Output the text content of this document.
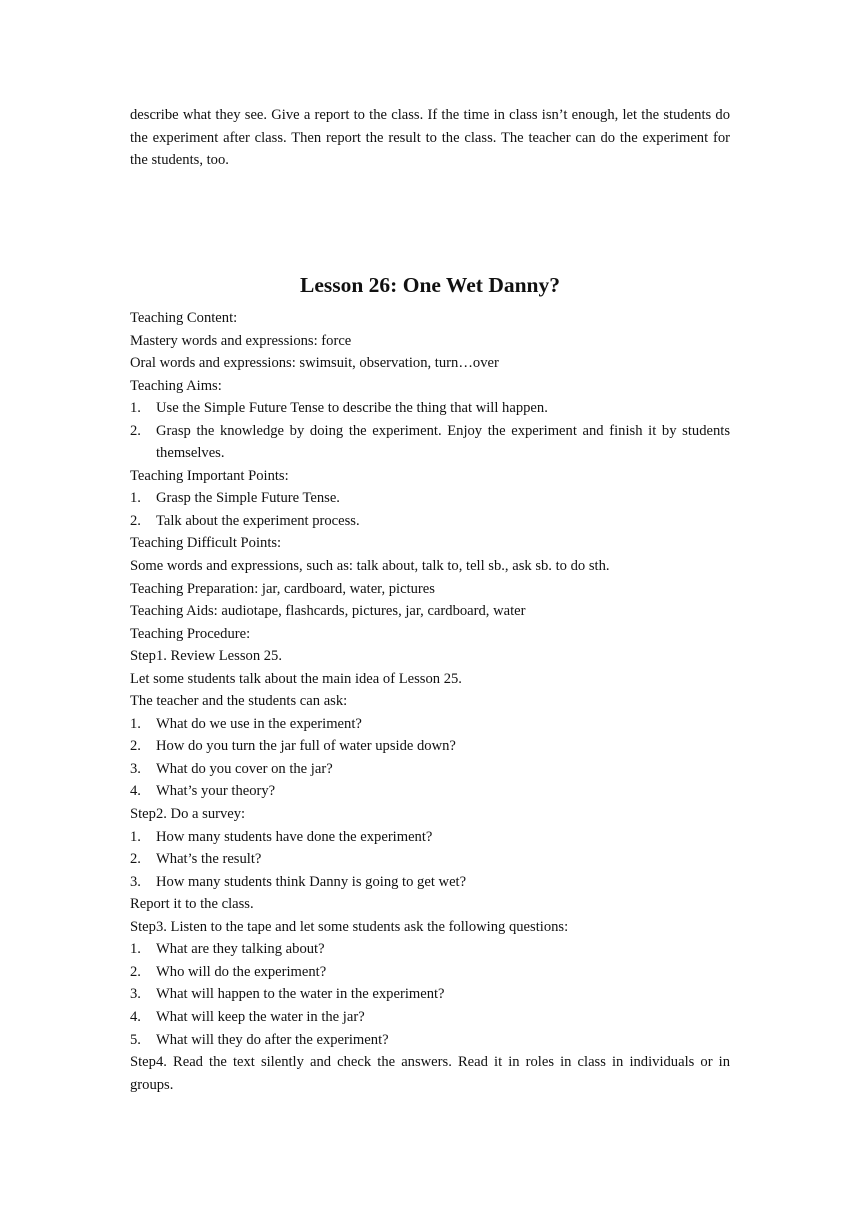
describe what they see. Give a report to the class. If the time in class isn’t enough, let the students do the experiment after class. Then report the result to the class. The teacher can do the experiment for the students, too.

Lesson 26: One Wet Danny?

Teaching Content:

Mastery words and expressions: force

Oral words and expressions: swimsuit, observation, turn…over

Teaching Aims:

1. Use the Simple Future Tense to describe the thing that will happen.

2. Grasp the knowledge by doing the experiment. Enjoy the experiment and finish it by students themselves.

Teaching Important Points:

1. Grasp the Simple Future Tense.

2. Talk about the experiment process.

Teaching Difficult Points:

Some words and expressions, such as: talk about, talk to, tell sb., ask sb. to do sth.

Teaching Preparation: jar, cardboard, water, pictures

Teaching Aids: audiotape, flashcards, pictures, jar, cardboard, water

Teaching Procedure:

Step1. Review Lesson 25.

Let some students talk about the main idea of Lesson 25.

The teacher and the students can ask:

1. What do we use in the experiment?

2. How do you turn the jar full of water upside down?

3. What do you cover on the jar?

4. What’s your theory?

Step2. Do a survey:

1. How many students have done the experiment?

2. What’s the result?

3. How many students think Danny is going to get wet?

Report it to the class.

Step3. Listen to the tape and let some students ask the following questions:

1. What are they talking about?

2. Who will do the experiment?

3. What will happen to the water in the experiment?

4. What will keep the water in the jar?

5. What will they do after the experiment?

Step4. Read the text silently and check the answers. Read it in roles in class in individuals or in groups.
